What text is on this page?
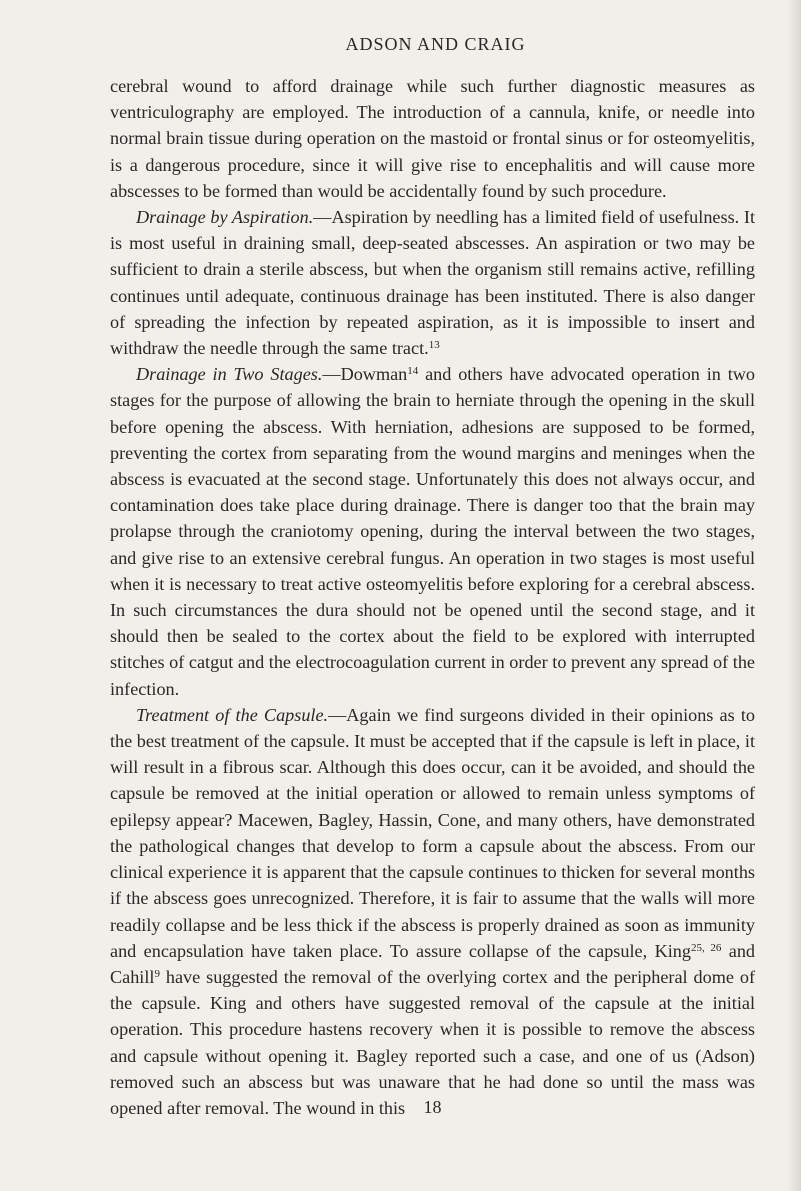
ADSON AND CRAIG

cerebral wound to afford drainage while such further diagnostic measures as ventriculography are employed. The introduction of a cannula, knife, or needle into normal brain tissue during operation on the mastoid or frontal sinus or for osteomyelitis, is a dangerous procedure, since it will give rise to encephalitis and will cause more abscesses to be formed than would be accidentally found by such procedure.

Drainage by Aspiration.—Aspiration by needling has a limited field of usefulness. It is most useful in draining small, deep-seated abscesses. An aspiration or two may be sufficient to drain a sterile abscess, but when the organism still remains active, refilling continues until adequate, continuous drainage has been instituted. There is also danger of spreading the infection by repeated aspiration, as it is impossible to insert and withdraw the needle through the same tract.$^{13}$

Drainage in Two Stages.—Dowman$^{14}$ and others have advocated operation in two stages for the purpose of allowing the brain to herniate through the opening in the skull before opening the abscess. With herniation, adhesions are supposed to be formed, preventing the cortex from separating from the wound margins and meninges when the abscess is evacuated at the second stage. Unfortunately this does not always occur, and contamination does take place during drainage. There is danger too that the brain may prolapse through the craniotomy opening, during the interval between the two stages, and give rise to an extensive cerebral fungus. An operation in two stages is most useful when it is necessary to treat active osteomyelitis before exploring for a cerebral abscess. In such circumstances the dura should not be opened until the second stage, and it should then be sealed to the cortex about the field to be explored with interrupted stitches of catgut and the electrocoagulation current in order to prevent any spread of the infection.

Treatment of the Capsule.—Again we find surgeons divided in their opinions as to the best treatment of the capsule. It must be accepted that if the capsule is left in place, it will result in a fibrous scar. Although this does occur, can it be avoided, and should the capsule be removed at the initial operation or allowed to remain unless symptoms of epilepsy appear? Macewen, Bagley, Hassin, Cone, and many others, have demonstrated the pathological changes that develop to form a capsule about the abscess. From our clinical experience it is apparent that the capsule continues to thicken for several months if the abscess goes unrecognized. Therefore, it is fair to assume that the walls will more readily collapse and be less thick if the abscess is properly drained as soon as immunity and encapsulation have taken place. To assure collapse of the capsule, King$^{25, 26}$ and Cahill$^9$ have suggested the removal of the overlying cortex and the peripheral dome of the capsule. King and others have suggested removal of the capsule at the initial operation. This procedure hastens recovery when it is possible to remove the abscess and capsule without opening it. Bagley reported such a case, and one of us (Adson) removed such an abscess but was unaware that he had done so until the mass was opened after removal. The wound in this	18
